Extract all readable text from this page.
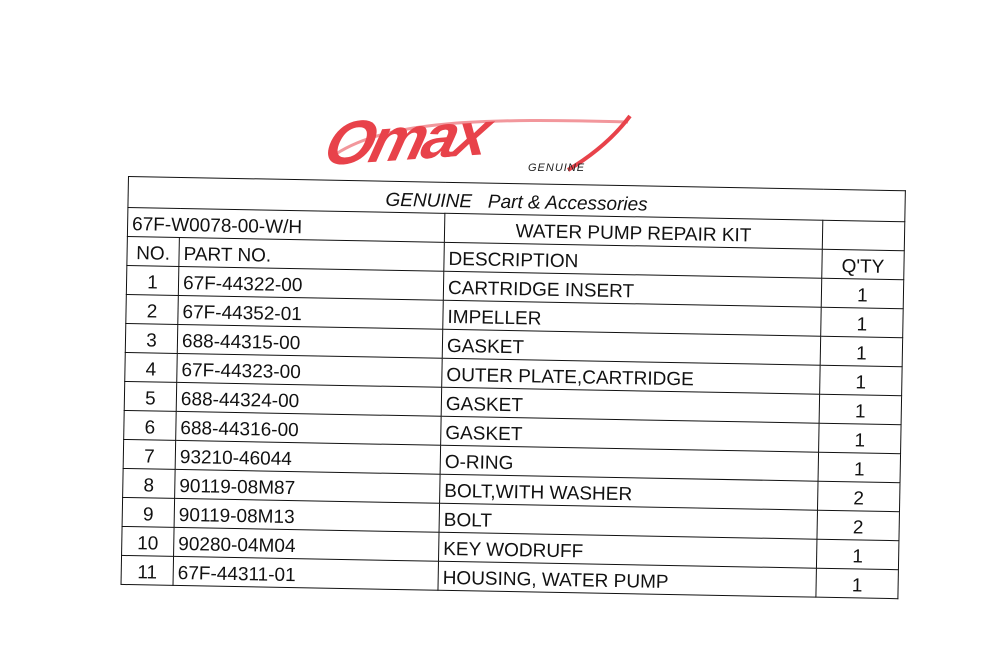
Omax	GENUINE
GENUINE Part & Accessories			
67F-W0078-00-W/H		WATER PUMP REPAIR KIT	
NO.	PART NO.	DESCRIPTION	Q'TY
1	67F-44322-00	CARTRIDGE INSERT	1
2	67F-44352-01	IMPELLER	1
3	688-44315-00	GASKET	1
4	67F-44323-00	OUTER PLATE,CARTRIDGE	1
5	688-44324-00	GASKET	1
6	688-44316-00	GASKET	1
7	93210-46044	O-RING	1
8	90119-08M87	BOLT,WITH WASHER	2
9	90119-08M13	BOLT	2
10	90280-04M04	KEY WODRUFF	1
11	67F-44311-01	HOUSING, WATER PUMP	1
